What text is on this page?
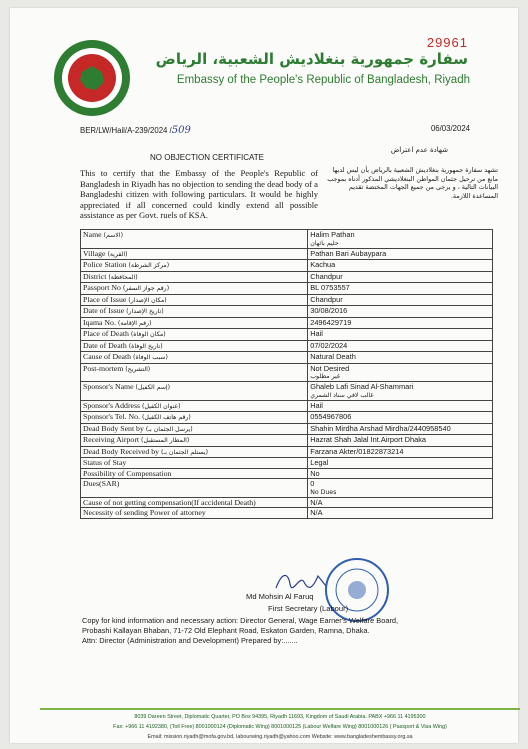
29961
سفارة جمهورية بنغلاديش الشعبية، الرياض
Embassy of the People's Republic of Bangladesh, Riyadh
BER/LW/Hail/A-239/2024 /509	06/03/2024
شهادة عدم اعتراض
NO OBJECTION CERTIFICATE
This to certify that the Embassy of the People's Republic of Bangladesh in Riyadh has no objection to sending the dead body of a Bangladeshi citizen with following particulars. It would be highly appreciated if all concerned could kindly extend all possible assistance as per Govt. ruels of KSA.
تشهد سفارة جمهورية بنغلاديش الشعبية بالرياض بأن ليس لديها مانع من ترحيل جثمان المواطن البنغلاديشي المذكور أدناه بموجب البيانات التالية ، و يرجى من جميع الجهات المختصة تقديم المساعدة اللازمة.
Name (الاسم)	Halim Pathan
حليم باثهان

Village (القرية)	Pathan Bari Aubaypara
Police Station (مركز الشرطة)	Kachua
District (المحافظة)	Chandpur
Passport No (رقم جواز السفر)	BL 0753557
Place of Issue (مكان الإصدار)	Chandpur
Date of Issue (تاريخ الإصدار)	30/08/2016
Iqama No. (رقم الإقامة)	2496429719
Place of Death (مكان الوفاة)	Hail
Date of Death (تاريخ الوفاة)	07/02/2024
Cause of Death (سبب الوفاة)	Natural Death
Post-mortem (التشريح)	Not Desired
غير مطلوب

Sponsor's Name (إسم الكفيل)	Ghaleb Lafi Sinad Al-Shammari
غالب لافي سناد الشمري

Sponsor's Address (عنوان الكفيل)	Hail
Sponsor's Tel. No. (رقم هاتف الكفيل)	0554967806
Dead Body Sent by (يرسل الجثمان بـ)	Shahin Mirdha Arshad Mirdha/2440958540
Receiving Airport (المطار المستقبل)	Hazrat Shah Jalal Int.Airport Dhaka
Dead Body Received by (يستلم الجثمان بـ)	Farzana Akter/01822873214
Status of Stay	Legal
Possibility of Compensation	No
Dues(SAR)	0
No Dues

Cause of not getting compensation(If accidental Death)	N/A
Necessity of sending Power of attorney	N/A
Md Mohsin Al Faruq
First Secretary (Labour)
Copy for kind information and necessary action: Director General, Wage Earner's Welfare Board,
Probashi Kallayan Bhaban, 71-72 Old Elephant Road, Eskaton Garden, Ramna, Dhaka.
Attn: Director (Administration and Development) Prepared by:.......
8039 Dareen Street, Diplomatic Quarter, PO Box 94395, Riyadh 11693, Kingdom of Saudi Arabia. PABX +966 11 4195300
Fax: +966 11 4192380, (Toll Free) 8001000124 (Diplomatic Wing) 8001000125 (Labour Welfare Wing) 8001000126 ( Passport & Visa Wing)
Email: mission.riyadh@mofa.gov.bd, labourwing.riyadh@yahoo.com Website: www.bangladeshembassy.org.sa
